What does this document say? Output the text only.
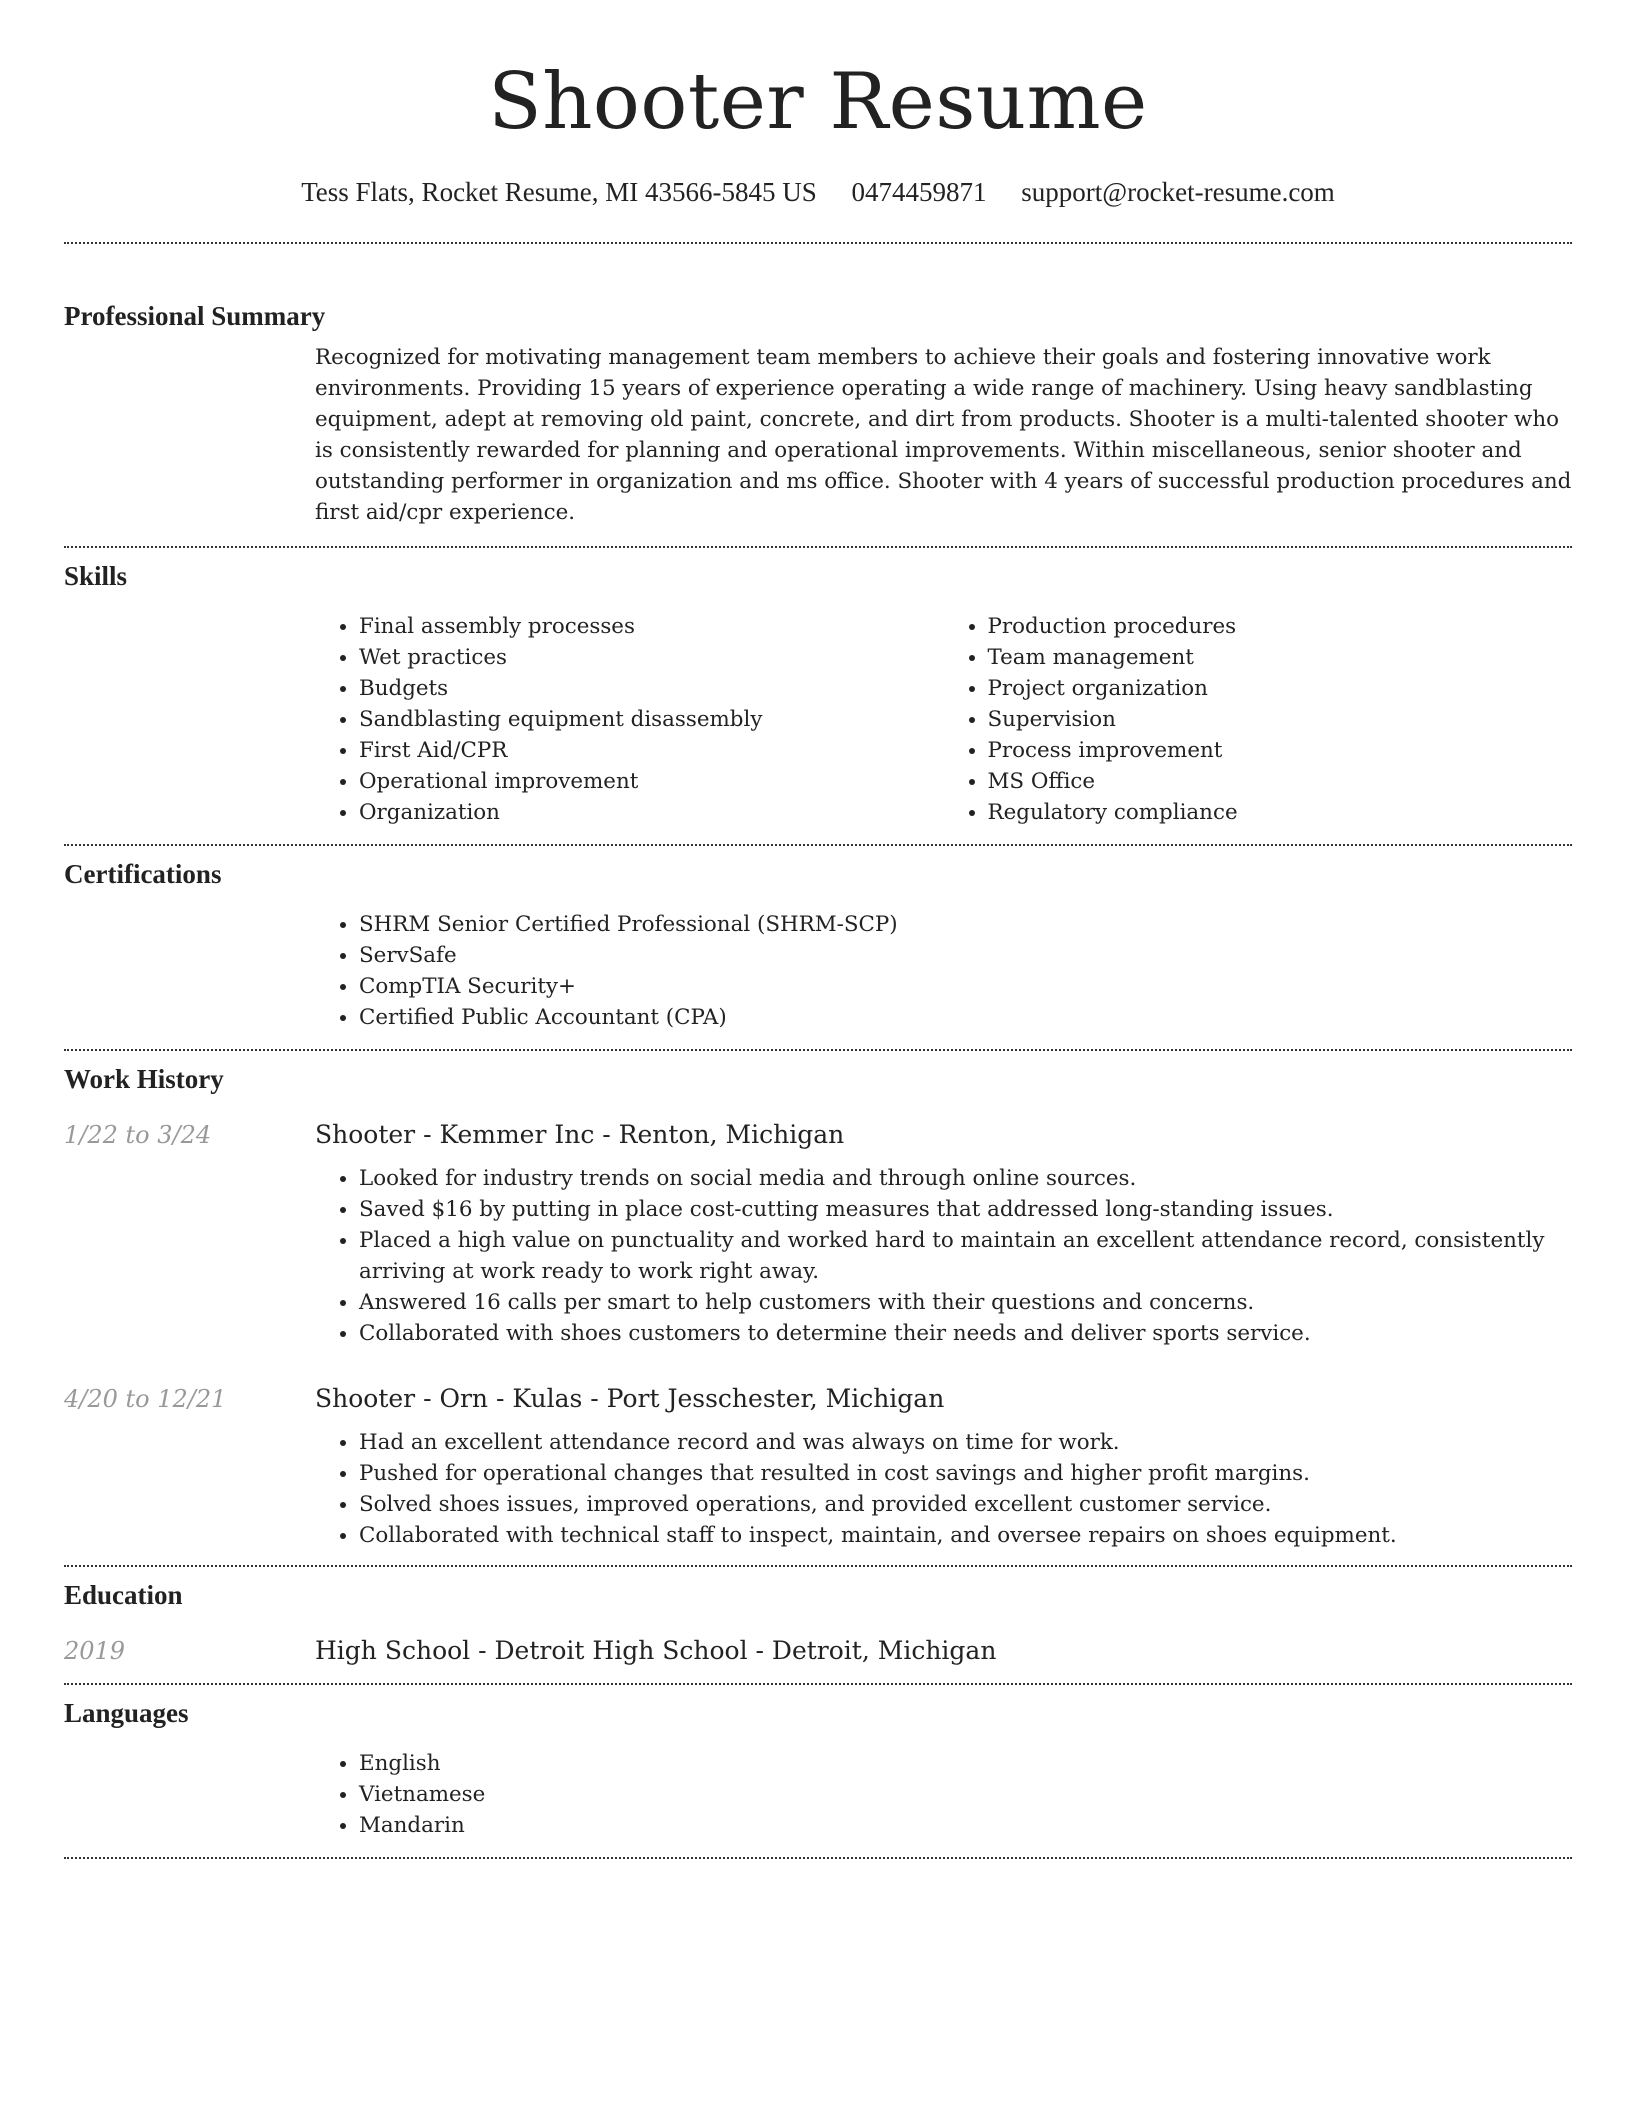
Shooter Resume
Tess Flats, Rocket Resume, MI 43566-5845 US 0474459871 support@rocket-resume.com
Professional Summary

Recognized for motivating management team members to achieve their goals and fostering innovative work environments. Providing 15 years of experience operating a wide range of machinery. Using heavy sandblasting equipment, adept at removing old paint, concrete, and dirt from products. Shooter is a multi-talented shooter who is consistently rewarded for planning and operational improvements. Within miscellaneous, senior shooter and outstanding performer in organization and ms office. Shooter with 4 years of successful production procedures and first aid/cpr experience.

Skills
• Final assembly processes
• Wet practices
• Budgets
• Sandblasting equipment disassembly
• First Aid/CPR
• Operational improvement
• Organization
• Production procedures
• Team management
• Project organization
• Supervision
• Process improvement
• MS Office
• Regulatory compliance
Certifications
• SHRM Senior Certified Professional (SHRM-SCP)
• ServSafe
• CompTIA Security+
• Certified Public Accountant (CPA)
Work History
1/22 to 3/24	Shooter - Kemmer Inc - Renton, Michigan
• Looked for industry trends on social media and through online sources.
• Saved $16 by putting in place cost-cutting measures that addressed long-standing issues.
• Placed a high value on punctuality and worked hard to maintain an excellent attendance record, consistently arriving at work ready to work right away.
• Answered 16 calls per smart to help customers with their questions and concerns.
• Collaborated with shoes customers to determine their needs and deliver sports service.
4/20 to 12/21	Shooter - Orn - Kulas - Port Jesschester, Michigan
• Had an excellent attendance record and was always on time for work.
• Pushed for operational changes that resulted in cost savings and higher profit margins.
• Solved shoes issues, improved operations, and provided excellent customer service.
• Collaborated with technical staff to inspect, maintain, and oversee repairs on shoes equipment.
Education
2019	High School - Detroit High School - Detroit, Michigan
Languages
• English
• Vietnamese
• Mandarin
